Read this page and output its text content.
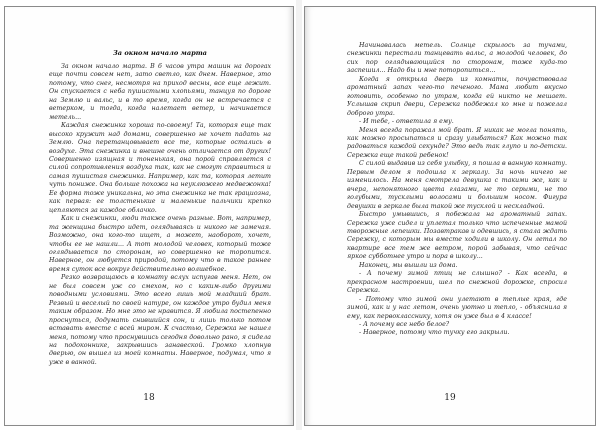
За окном начало марта

За окном начало марта. В 6 часов утра машин на дорогах еще почти совсем нет, зато светло, как днем. Наверное, это потому, что снег, несмотря на приход весны, все еще лежит. Он спускается с неба пушистыми хлопьями, танцуя по дороге на Землю и вальс, и в то время, когда он не встречается с ветерком, и тогда, когда налетает ветер, и начинается метель...

Каждая снежинка хороша по-своему! Та, которая еще так высоко кружит над домами, совершенно не хочет падать на Землю. Она перетанцовывает все те, которые остались в воздухе. Эта снежинка и внешне очень отличается от других! Совершенно изящная и тоненькая, она порой справляется с силой сопротивления воздуха так, как не смогут справиться и самая пушистая снежинка. Например, как та, которая летит чуть пониже. Она больше похожа на неуклюжего медвежонка! Ее форма тоже уникальна, но эта снежинка не так грациозна, как первая: ее толстенькие и маленькие пальчики крепко цепляются за каждое облачко.

Как и снежинки, люди также очень разные. Вот, например, та женщина быстро идет, оглядываясь и никого не замечая. Возможно, она кого-то ищет, а может, наоборот, хочет, чтобы ее не нашли... А тот молодой человек, который тоже оглядывается по сторонам, но совершенно не торопится. Наверное, он любуется природой, потому что в такое раннее время суток все вокруг действительно волшебное.

Резко возвращаюсь в комнату вслух испугав меня. Нет, он не был совсем уж со смехом, но с каким-либо другими поводными условиями. Это всего лишь мой младший брат. Резвый и веселый по своей натуре, он каждое утро будил меня таким образом. Но мне это не нравится. Я любила постепенно проснуться, додумать снившийся сон, и лишь только потом вставать вместе с всей миром. К счастью, Сережка не нашел меня, потому что проснувшись сегодня довольно рано, я сидела на подоконнике, закрывшись занавеской. Громко хлопнув дверью, он вышел из моей комнаты. Наверное, подумал, что я уже в ванной.

18

Начинавалась метель. Солнце скрылось за тучами, снежинки перестали танцевать вальс, а молодой человек, до сих пор оглядывающийся по сторонам, тоже куда-то заспешил... Надо бы и мне поторопиться...

Когда я открыла дверь из комнаты, почувствовала ароматный запах чего-то печеного. Мама любит вкусно готовить, особенно по утрам, когда ей никто не мешает. Услышав скрип двери, Сережка подбежал ко мне и пожелал доброго утра.

- И тебе, - ответила я ему.

Меня всегда поражал мой брат. Я никак не могла понять, как можно просыпаться и сразу улыбаться? Как можно так радоваться каждой секунде? Это ведь так глупо и по-детски. Сережка еще такой ребенок!

С силой выдавив из себя улыбку, я пошла в ванную комнату. Первым делом я подошла к зеркалу. За ночь ничего не изменилось. На меня смотрела девушка с такими же, как и вчера, непонятного цвета глазами, не то серыми, не то голубыми, тусклыми волосами и большим носом. Фигура девушки в зеркале была такой же тусклой и нескладной.

Быстро умывшись, я побежала на ароматный запах. Сережка уже сидел и уплетал только что испеченные мамой творожные лепешки. Позавтракав и одевшись, я стала ждать Сережку, с которым мы вместе ходили в школу. Он летал по квартире все тем же ветром, порой забывая, что сейчас яркое субботнее утро и пора в школу...

Наконец, мы вышли из дома.

- А почему зимой птиц не слышно? - Как всегда, в прекрасном настроении, шел по снежной дорожке, спросил Сережка.

- Потому что зимой они улетают в теплые края, где зимой, как и у нас летом, очень уютно и тепло, - объяснила я ему, как первокласснику, хотя он уже был в 4 классе!

- А почему все небо белое?

- Наверное, потому что тучку его закрыли.

19
